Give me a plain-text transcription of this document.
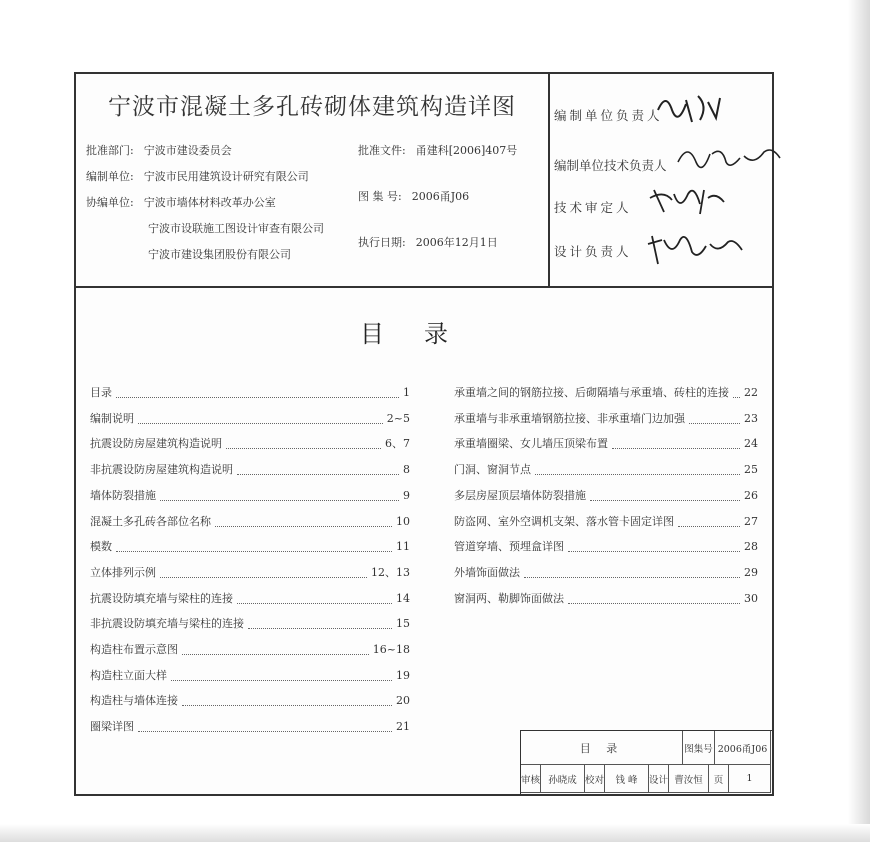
宁波市混凝土多孔砖砌体建筑构造详图
批准部门: 宁波市建设委员会
编制单位: 宁波市民用建筑设计研究有限公司
协编单位: 宁波市墙体材料改革办公室
宁波市设联施工图设计审查有限公司
宁波市建设集团股份有限公司
批准文件: 甬建科[2006]407号
图 集 号: 2006甬J06
执行日期: 2006年12月1日
编制单位负责人
编制单位技术负责人
技术审定人
设计负责人
目录
目录	1
编制说明	2~5
抗震设防房屋建筑构造说明	6、7
非抗震设防房屋建筑构造说明	8
墙体防裂措施	9
混凝土多孔砖各部位名称	10
模数	11
立体排列示例	12、13
抗震设防填充墙与梁柱的连接	14
非抗震设防填充墙与梁柱的连接	15
构造柱布置示意图	16~18
构造柱立面大样	19
构造柱与墙体连接	20
圈梁详图	21
承重墙之间的钢筋拉接、后砌隔墙与承重墙、砖柱的连接 22
承重墙与非承重墙钢筋拉接、非承重墙门边加强	23
承重墙圈梁、女儿墙压顶梁布置	24
门洞、窗洞节点	25
多层房屋顶层墙体防裂措施	26
防盗网、室外空调机支架、落水管卡固定详图	27
管道穿墙、预埋盒详图	28
外墙饰面做法	29
窗洞两、勒脚饰面做法	30
目 录	图集号 2006甬J06
审核 孙晓成 校对	钱 峰	设计 曹汝恒	页	1
